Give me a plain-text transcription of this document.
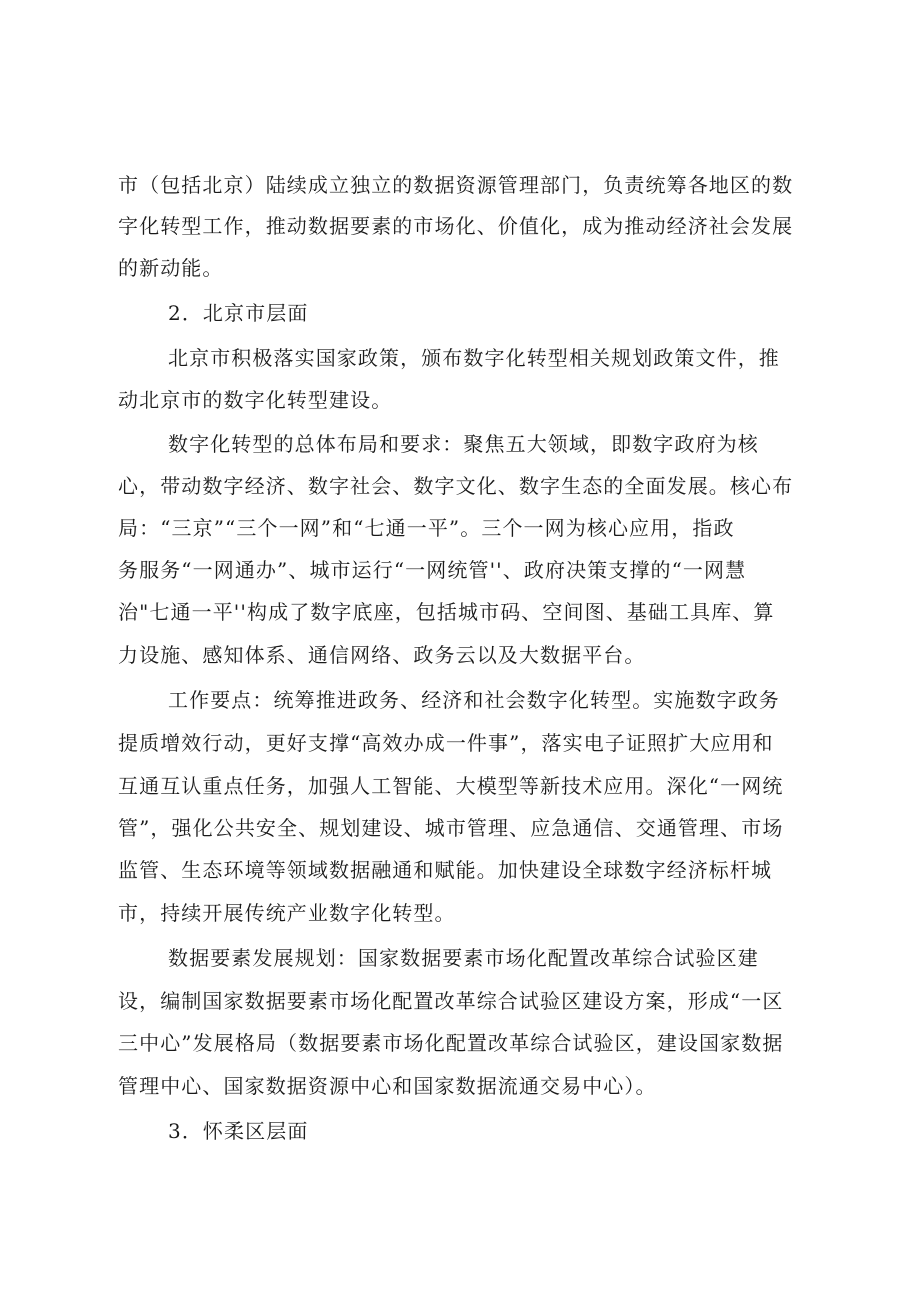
市（包括北京）陆续成立独立的数据资源管理部门，负责统筹各地区的数
字化转型工作，推动数据要素的市场化、价值化，成为推动经济社会发展
的新动能。
2．北京市层面
北京市积极落实国家政策，颁布数字化转型相关规划政策文件，推
动北京市的数字化转型建设。
数字化转型的总体布局和要求：聚焦五大领域，即数字政府为核
心，带动数字经济、数字社会、数字文化、数字生态的全面发展。核心布
局：“三京”“三个一网”和“七通一平”。三个一网为核心应用，指政
务服务“一网通办”、城市运行“一网统管''、政府决策支撑的“一网慧
治"七通一平''构成了数字底座，包括城市码、空间图、基础工具库、算
力设施、感知体系、通信网络、政务云以及大数据平台。
工作要点：统筹推进政务、经济和社会数字化转型。实施数字政务
提质增效行动，更好支撑“高效办成一件事”，落实电子证照扩大应用和
互通互认重点任务，加强人工智能、大模型等新技术应用。深化“一网统
管”，强化公共安全、规划建设、城市管理、应急通信、交通管理、市场
监管、生态环境等领域数据融通和赋能。加快建设全球数字经济标杆城
市，持续开展传统产业数字化转型。
数据要素发展规划：国家数据要素市场化配置改革综合试验区建
设，编制国家数据要素市场化配置改革综合试验区建设方案，形成“一区
三中心”发展格局（数据要素市场化配置改革综合试验区，建设国家数据
管理中心、国家数据资源中心和国家数据流通交易中心）。
3．怀柔区层面
